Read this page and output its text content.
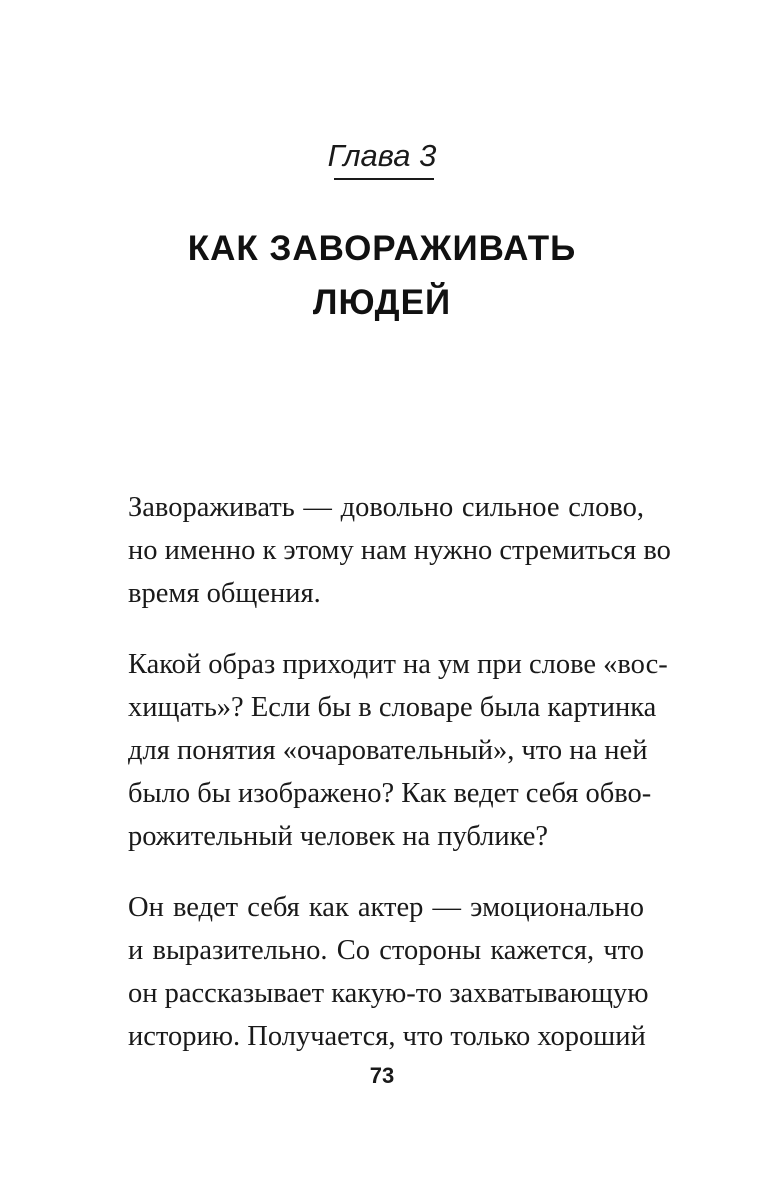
Глава 3
КАК ЗАВОРАЖИВАТЬ
ЛЮДЕЙ

Завораживать — довольно сильное слово,
но именно к этому нам нужно стремиться во
время общения.

Какой образ приходит на ум при слове «вос-
хищать»? Если бы в словаре была картинка
для понятия «очаровательный», что на ней
было бы изображено? Как ведет себя обво-
рожительный человек на публике?

Он ведет себя как актер — эмоционально
и выразительно. Со стороны кажется, что
он рассказывает какую-то захватывающую
историю. Получается, что только хороший

73
